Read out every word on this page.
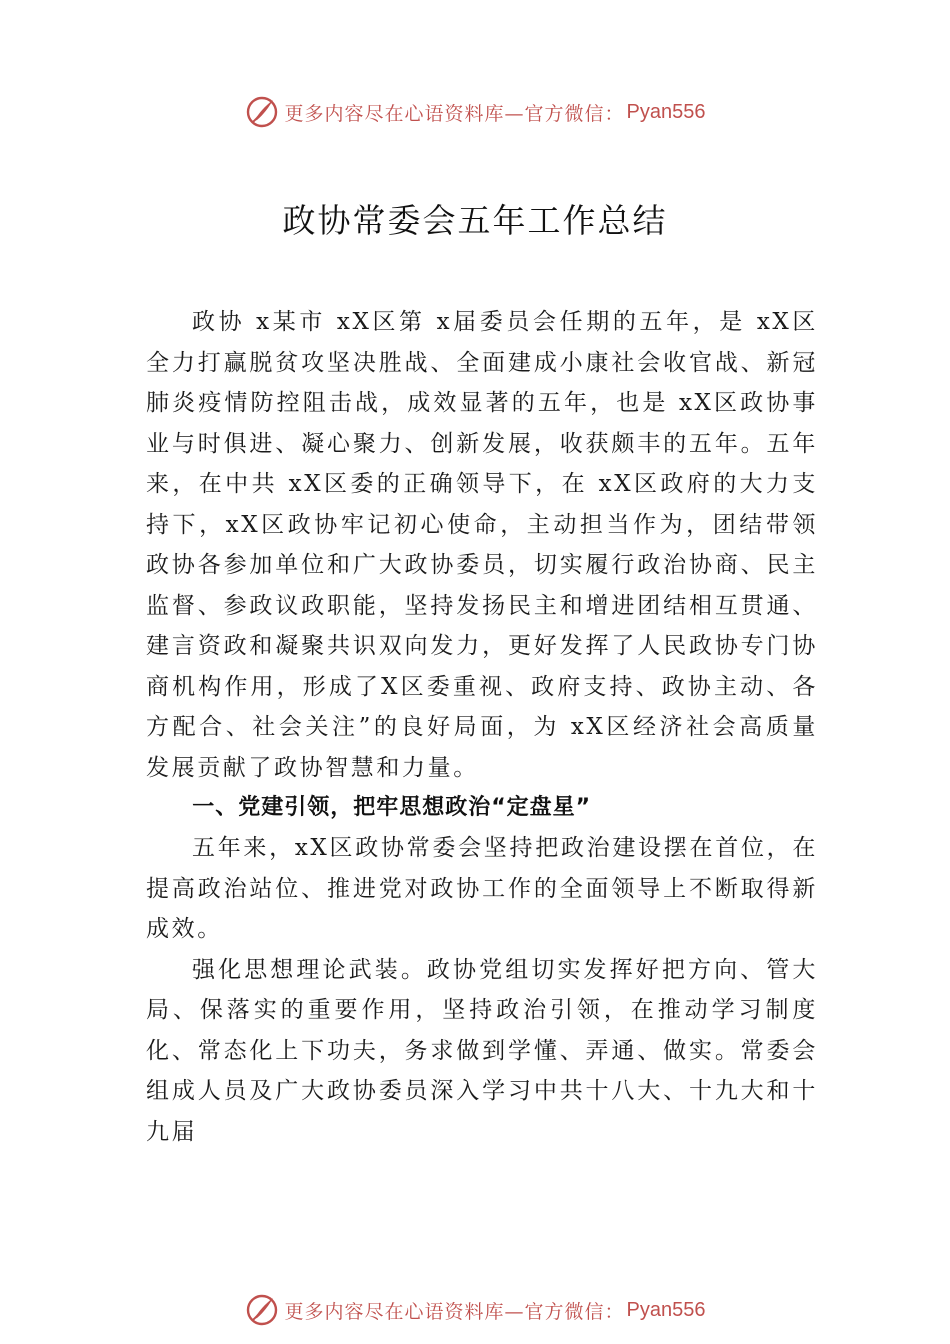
更多内容尽在心语资料库—官方微信： Pyan556
政协常委会五年工作总结

政协 x某市 xX区第 x届委员会任期的五年，是 xX区全力打赢脱贫攻坚决胜战、全面建成小康社会收官战、新冠肺炎疫情防控阻击战，成效显著的五年，也是 xX区政协事业与时俱进、凝心聚力、创新发展，收获颇丰的五年。五年来，在中共 xX区委的正确领导下，在 xX区政府的大力支持下，xX区政协牢记初心使命，主动担当作为，团结带领政协各参加单位和广大政协委员，切实履行政治协商、民主监督、参政议政职能，坚持发扬民主和增进团结相互贯通、建言资政和凝聚共识双向发力，更好发挥了人民政协专门协商机构作用，形成了X区委重视、政府支持、政协主动、各方配合、社会关注”的良好局面，为 xX区经济社会高质量发展贡献了政协智慧和力量。

一、党建引领，把牢思想政治“定盘星”

五年来，xX区政协常委会坚持把政治建设摆在首位，在提高政治站位、推进党对政协工作的全面领导上不断取得新成效。

强化思想理论武装。政协党组切实发挥好把方向、管大局、保落实的重要作用，坚持政治引领，在推动学习制度化、常态化上下功夫，务求做到学懂、弄通、做实。常委会组成人员及广大政协委员深入学习中共十八大、十九大和十九届

更多内容尽在心语资料库—官方微信： Pyan556
